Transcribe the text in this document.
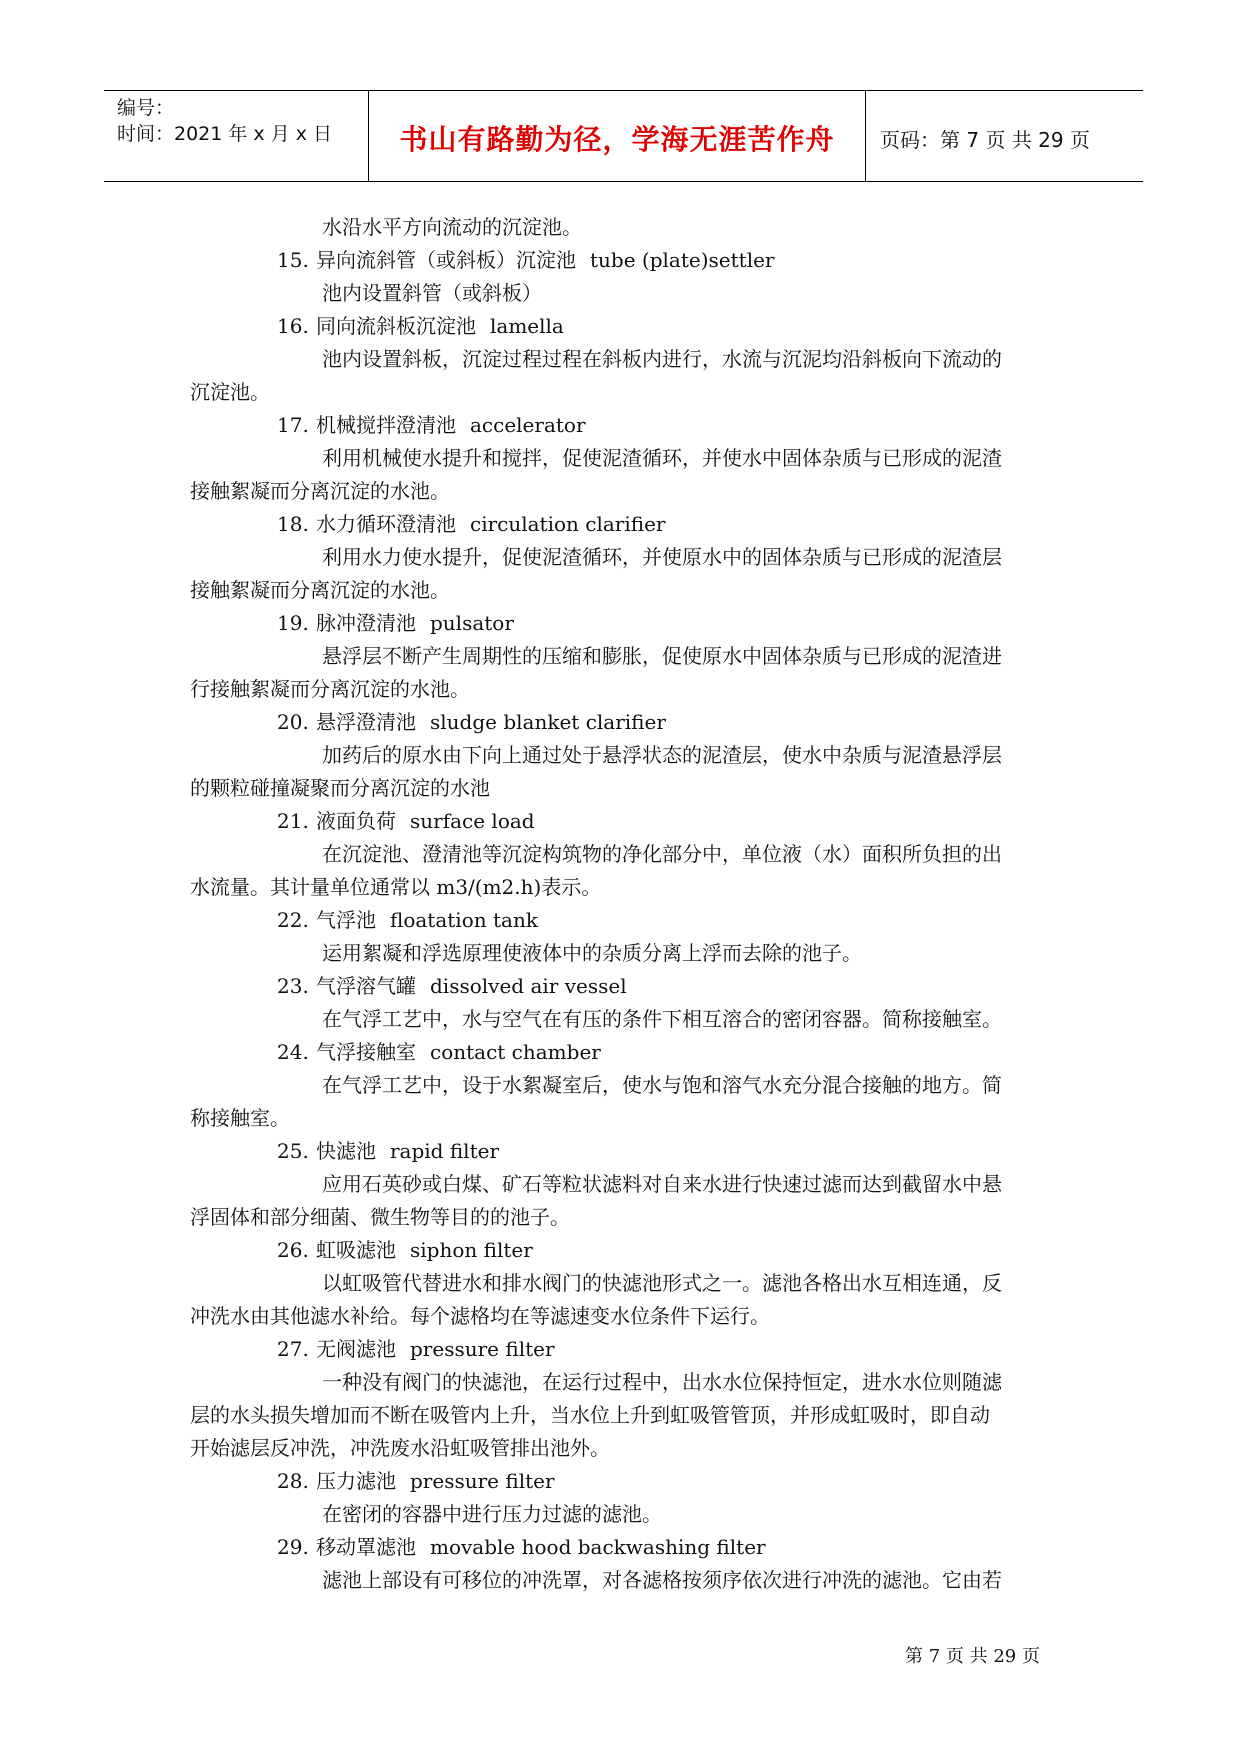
编号：
时间：2021 年 x 月 x 日	书山有路勤为径，学海无涯苦作舟	页码：第 7 页 共 29 页
水沿水平方向流动的沉淀池。
15. 异向流斜管（或斜板）沉淀池 tube (plate)settler
池内设置斜管（或斜板）
16. 同向流斜板沉淀池 lamella
池内设置斜板，沉淀过程过程在斜板内进行，水流与沉泥均沿斜板向下流动的
沉淀池。
17. 机械搅拌澄清池 accelerator
利用机械使水提升和搅拌，促使泥渣循环，并使水中固体杂质与已形成的泥渣
接触絮凝而分离沉淀的水池。
18. 水力循环澄清池 circulation clarifier
利用水力使水提升，促使泥渣循环，并使原水中的固体杂质与已形成的泥渣层
接触絮凝而分离沉淀的水池。
19. 脉冲澄清池 pulsator
悬浮层不断产生周期性的压缩和膨胀，促使原水中固体杂质与已形成的泥渣进
行接触絮凝而分离沉淀的水池。
20. 悬浮澄清池 sludge blanket clarifier
加药后的原水由下向上通过处于悬浮状态的泥渣层，使水中杂质与泥渣悬浮层
的颗粒碰撞凝聚而分离沉淀的水池
21. 液面负荷 surface load
在沉淀池、澄清池等沉淀构筑物的净化部分中，单位液（水）面积所负担的出
水流量。其计量单位通常以 m3/(m2.h)表示。
22. 气浮池 floatation tank
运用絮凝和浮选原理使液体中的杂质分离上浮而去除的池子。
23. 气浮溶气罐 dissolved air vessel
在气浮工艺中，水与空气在有压的条件下相互溶合的密闭容器。简称接触室。
24. 气浮接触室 contact chamber
在气浮工艺中，设于水絮凝室后，使水与饱和溶气水充分混合接触的地方。简
称接触室。
25. 快滤池 rapid filter
应用石英砂或白煤、矿石等粒状滤料对自来水进行快速过滤而达到截留水中悬
浮固体和部分细菌、微生物等目的的池子。
26. 虹吸滤池 siphon filter
以虹吸管代替进水和排水阀门的快滤池形式之一。滤池各格出水互相连通，反
冲洗水由其他滤水补给。每个滤格均在等滤速变水位条件下运行。
27. 无阀滤池 pressure filter
一种没有阀门的快滤池，在运行过程中，出水水位保持恒定，进水水位则随滤
层的水头损失增加而不断在吸管内上升，当水位上升到虹吸管管顶，并形成虹吸时，即自动
开始滤层反冲洗，冲洗废水沿虹吸管排出池外。
28. 压力滤池 pressure filter
在密闭的容器中进行压力过滤的滤池。
29. 移动罩滤池 movable hood backwashing filter
滤池上部设有可移位的冲洗罩，对各滤格按须序依次进行冲洗的滤池。它由若
第 7 页 共 29 页
